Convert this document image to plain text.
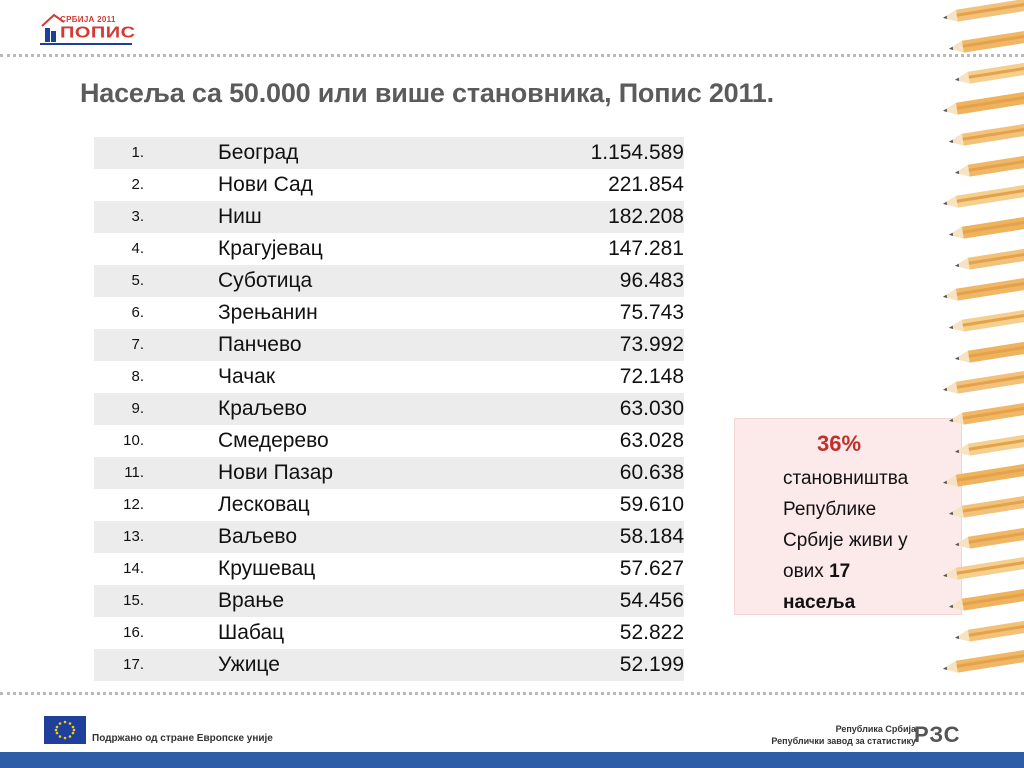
СРБИЈА 2011
ПОПИС
Насеља са 50.000 или више становника, Попис 2011.
1.		Београд	1.154.589
2.		Нови Сад	221.854
3.		Ниш	182.208
4.		Крагујевац	147.281
5.		Суботица	96.483
6.		Зрењанин	75.743
7.		Панчево	73.992
8.		Чачак	72.148
9.		Краљево	63.030
10.		Смедерево	63.028
11.		Нови Пазар	60.638
12.		Лесковац	59.610
13.		Ваљево	58.184
14.		Крушевац	57.627
15.		Врање	54.456
16.		Шабац	52.822
17.		Ужице	52.199
36%
становништва
Републике
Србије живи у
ових 17
насеља
Подржано од стране Европске уније
Република Србија
Републички завод за статистику
РЗС
